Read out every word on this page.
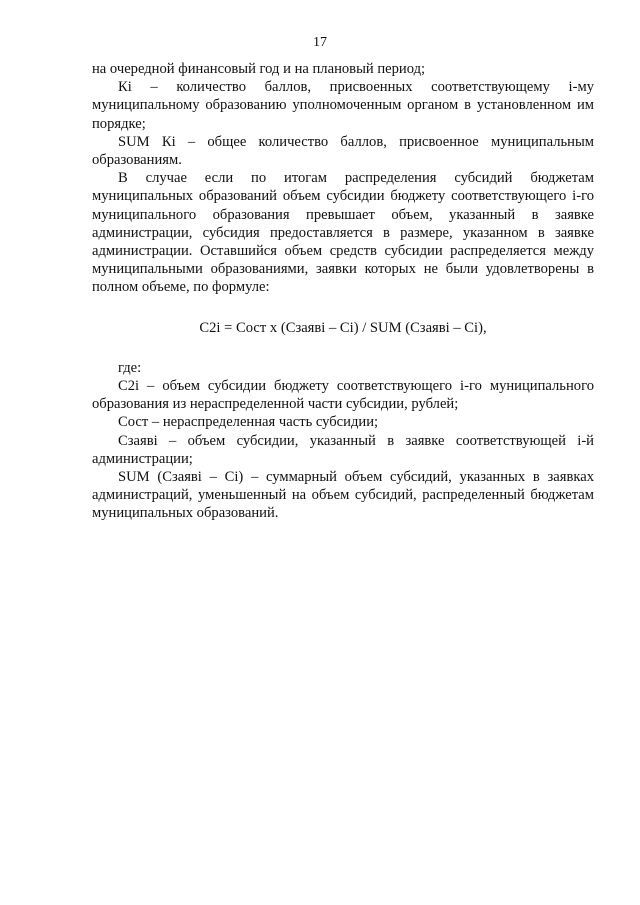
17

на очередной финансовый год и на плановый период;

Кi – количество баллов, присвоенных соответствующему i-му муниципальному образованию уполномоченным органом в установленном им порядке;

SUM Кi – общее количество баллов, присвоенное муниципальным образованиям.

В случае если по итогам распределения субсидий бюджетам муниципальных образований объем субсидии бюджету соответствующего i-го муниципального образования превышает объем, указанный в заявке администрации, субсидия предоставляется в размере, указанном в заявке администрации. Оставшийся объем средств субсидии распределяется между муниципальными образованиями, заявки которых не были удовлетворены в полном объеме, по формуле:

С2i = Сост x (Сзаявi – Сi) / SUM (Сзаявi – Сi),

где:

С2i – объем субсидии бюджету соответствующего i-го муниципального образования из нераспределенной части субсидии, рублей;

Сост – нераспределенная часть субсидии;

Сзаявi – объем субсидии, указанный в заявке соответствующей i-й администрации;

SUM (Сзаявi – Сi) – суммарный объем субсидий, указанных в заявках администраций, уменьшенный на объем субсидий, распределенный бюджетам муниципальных образований.
